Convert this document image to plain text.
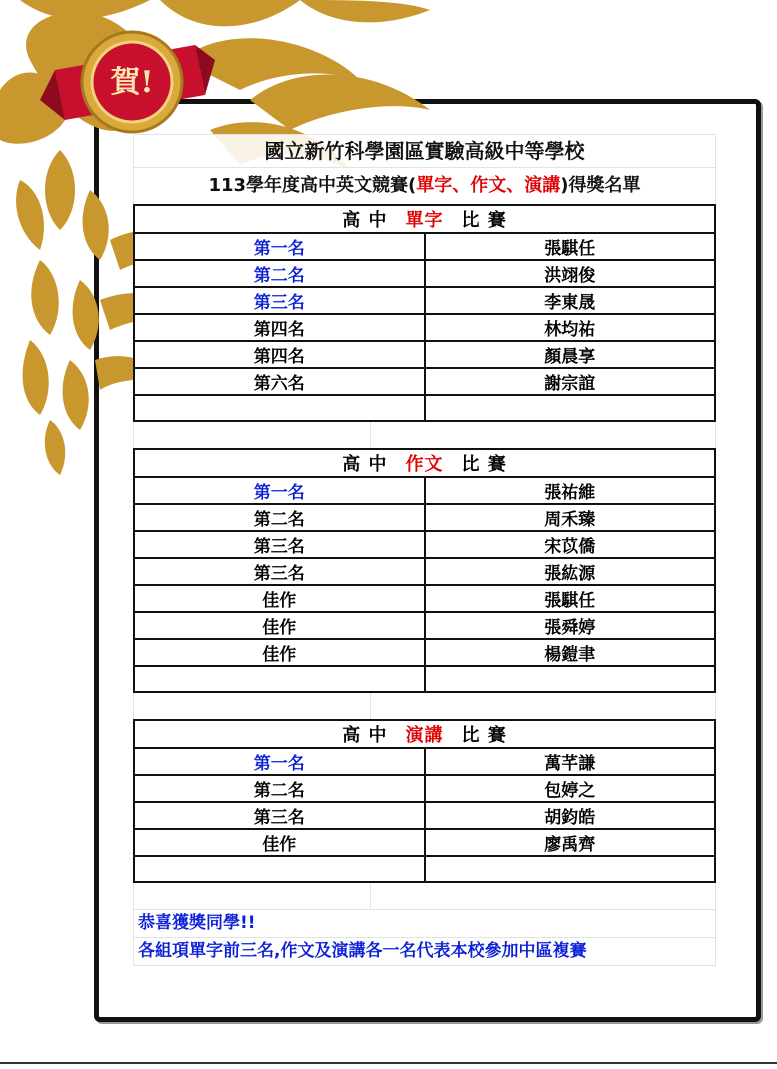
賀!
國立新竹科學園區實驗高級中等學校
113學年度高中英文競賽(單字、作文、演講)得獎名單
高 中 單字 比 賽	
第一名	張騏任
第二名	洪翊俊
第三名	李東晟
第四名	林均祐
第四名	顏晨享
第六名	謝宗誼

高 中 作文 比 賽	
第一名	張祐維
第二名	周禾臻
第三名	宋苡僑
第三名	張紘源
佳作	張騏任
佳作	張舜婷
佳作	楊鎧聿

高 中 演講 比 賽	
第一名	萬芊謙
第二名	包婷之
第三名	胡鈞皓
佳作	廖禹齊

恭喜獲獎同學!!
各組項單字前三名,作文及演講各一名代表本校參加中區複賽
